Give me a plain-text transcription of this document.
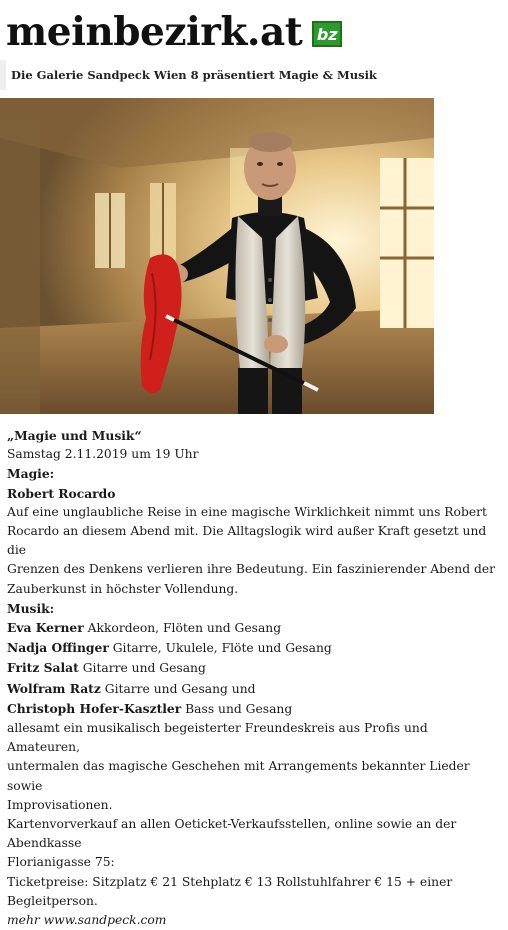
meinbezirk.at bz
Die Galerie Sandpeck Wien 8 präsentiert Magie & Musik

„Magie und Musik“

Samstag 2.11.2019 um 19 Uhr

Magie:

Robert Rocardo

Auf eine unglaubliche Reise in eine magische Wirklichkeit nimmt uns Robert

Rocardo an diesem Abend mit. Die Alltagslogik wird außer Kraft gesetzt und die

Grenzen des Denkens verlieren ihre Bedeutung. Ein faszinierender Abend der

Zauberkunst in höchster Vollendung.

Musik:

Eva Kerner Akkordeon, Flöten und Gesang

Nadja Offinger Gitarre, Ukulele, Flöte und Gesang

Fritz Salat Gitarre und Gesang

Wolfram Ratz Gitarre und Gesang und

Christoph Hofer-Kasztler Bass und Gesang

allesamt ein musikalisch begeisterter Freundeskreis aus Profis und Amateuren,

untermalen das magische Geschehen mit Arrangements bekannter Lieder sowie

Improvisationen.

Kartenvorverkauf an allen Oeticket-Verkaufsstellen, online sowie an der

Abendkasse

Florianigasse 75:

Ticketpreise: Sitzplatz € 21 Stehplatz € 13 Rollstuhlfahrer € 15 + einer

Begleitperson.

mehr www.sandpeck.com
